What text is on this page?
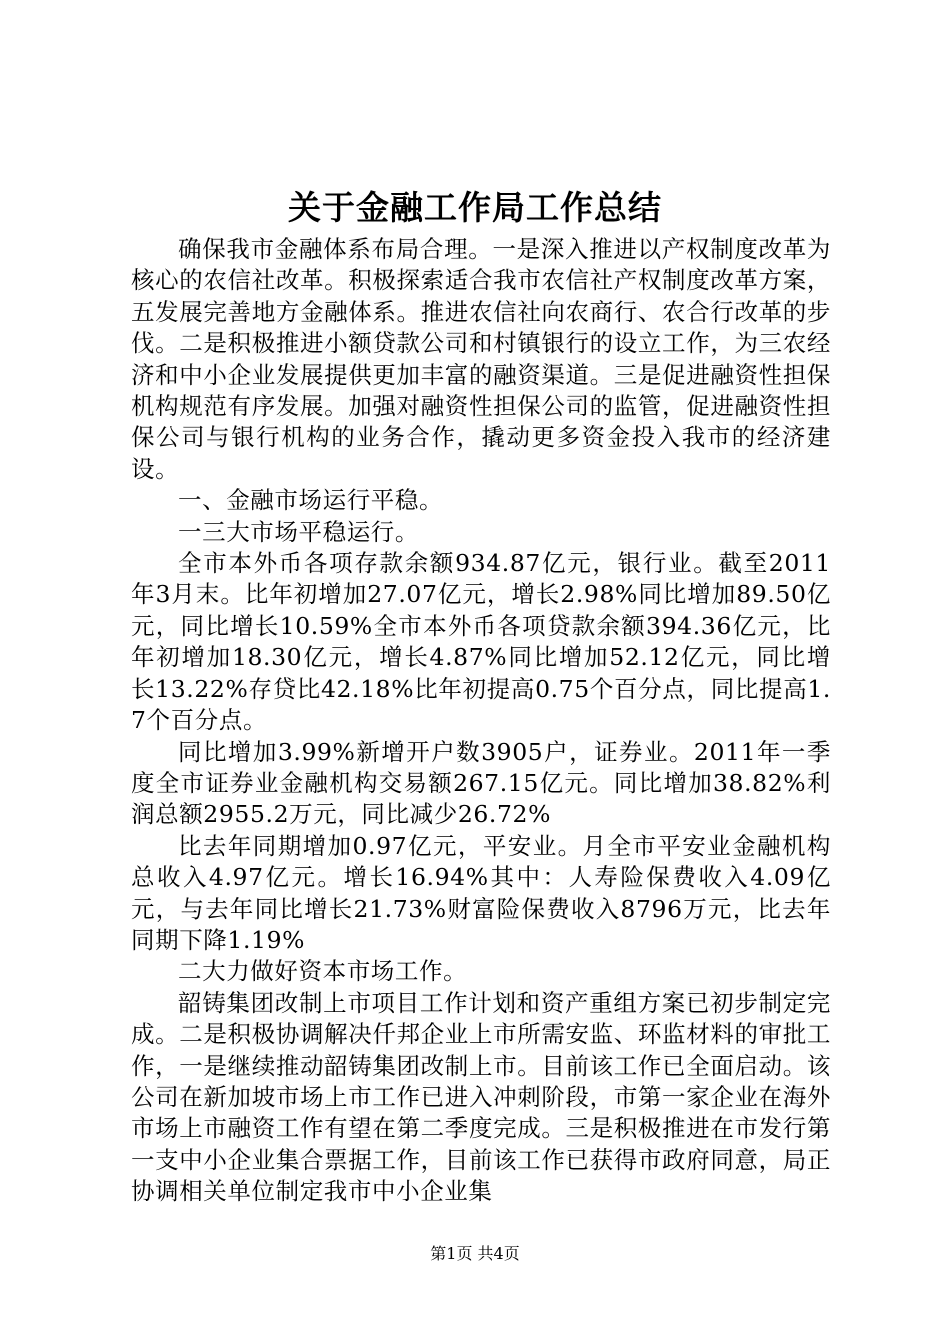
关于金融工作局工作总结

确保我市金融体系布局合理。一是深入推进以产权制度改革为核心的农信社改革。积极探索适合我市农信社产权制度改革方案，五发展完善地方金融体系。推进农信社向农商行、农合行改革的步伐。二是积极推进小额贷款公司和村镇银行的设立工作，为三农经济和中小企业发展提供更加丰富的融资渠道。三是促进融资性担保机构规范有序发展。加强对融资性担保公司的监管，促进融资性担保公司与银行机构的业务合作，撬动更多资金投入我市的经济建设。

一、金融市场运行平稳。

一三大市场平稳运行。

全市本外币各项存款余额934.87亿元，银行业。截至2011年3月末。比年初增加27.07亿元，增长2.98%同比增加89.50亿元，同比增长10.59%全市本外币各项贷款余额394.36亿元，比年初增加18.30亿元，增长4.87%同比增加52.12亿元，同比增长13.22%存贷比42.18%比年初提高0.75个百分点，同比提高1.7个百分点。

同比增加3.99%新增开户数3905户，证券业。2011年一季度全市证券业金融机构交易额267.15亿元。同比增加38.82%利润总额2955.2万元，同比减少26.72%

比去年同期增加0.97亿元，平安业。月全市平安业金融机构总收入4.97亿元。增长16.94%其中：人寿险保费收入4.09亿元，与去年同比增长21.73%财富险保费收入8796万元，比去年同期下降1.19%

二大力做好资本市场工作。

韶铸集团改制上市项目工作计划和资产重组方案已初步制定完成。二是积极协调解决仟邦企业上市所需安监、环监材料的审批工作，一是继续推动韶铸集团改制上市。目前该工作已全面启动。该公司在新加坡市场上市工作已进入冲刺阶段，市第一家企业在海外市场上市融资工作有望在第二季度完成。三是积极推进在市发行第一支中小企业集合票据工作，目前该工作已获得市政府同意，局正协调相关单位制定我市中小企业集

第1页 共4页
